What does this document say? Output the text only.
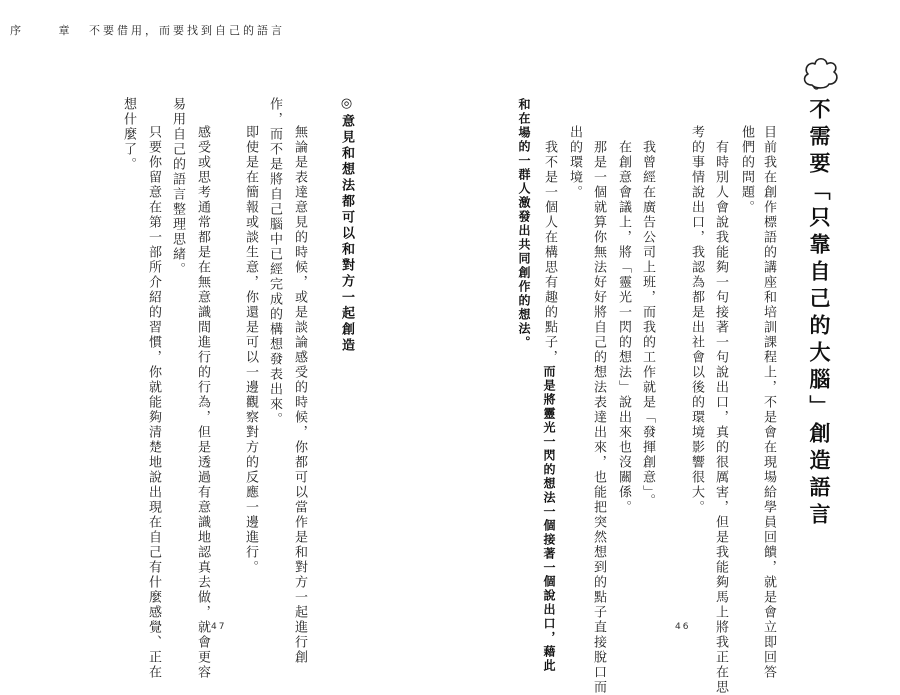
序	章 不要借用，而要找到自己的語言
不需要「只靠自己的大腦」創造語言
目前我在創作標語的講座和培訓課程上，不是會在現場給學員回饋，就是會立即回答
他們的問題。
有時別人會說我能夠一句接著一句說出口，真的很厲害，但是我能夠馬上將我正在思
考的事情說出口，我認為都是出社會以後的環境影響很大。
我曾經在廣告公司上班，而我的工作就是「發揮創意」。
在創意會議上，將「靈光一閃的想法」說出來也沒關係。
那是一個就算你無法好好將自己的想法表達出來，也能把突然想到的點子直接脫口而
出的環境。
我不是一個人在構思有趣的點子，而是將靈光一閃的想法一個接著一個說出口，藉此
和在場的一群人激發出共同創作的想法。
◎意見和想法都可以和對方一起創造
無論是表達意見的時候，或是談論感受的時候，你都可以當作是和對方一起進行創
作，而不是將自己腦中已經完成的構想發表出來。
即使是在簡報或談生意，你還是可以一邊觀察對方的反應一邊進行。
感受或思考通常都是在無意識間進行的行為，但是透過有意識地認真去做，就會更容
易用自己的語言整理思緒。
只要你留意在第一部所介紹的習慣，你就能夠清楚地說出現在自己有什麼感覺、正在
想什麼了。
47	46
